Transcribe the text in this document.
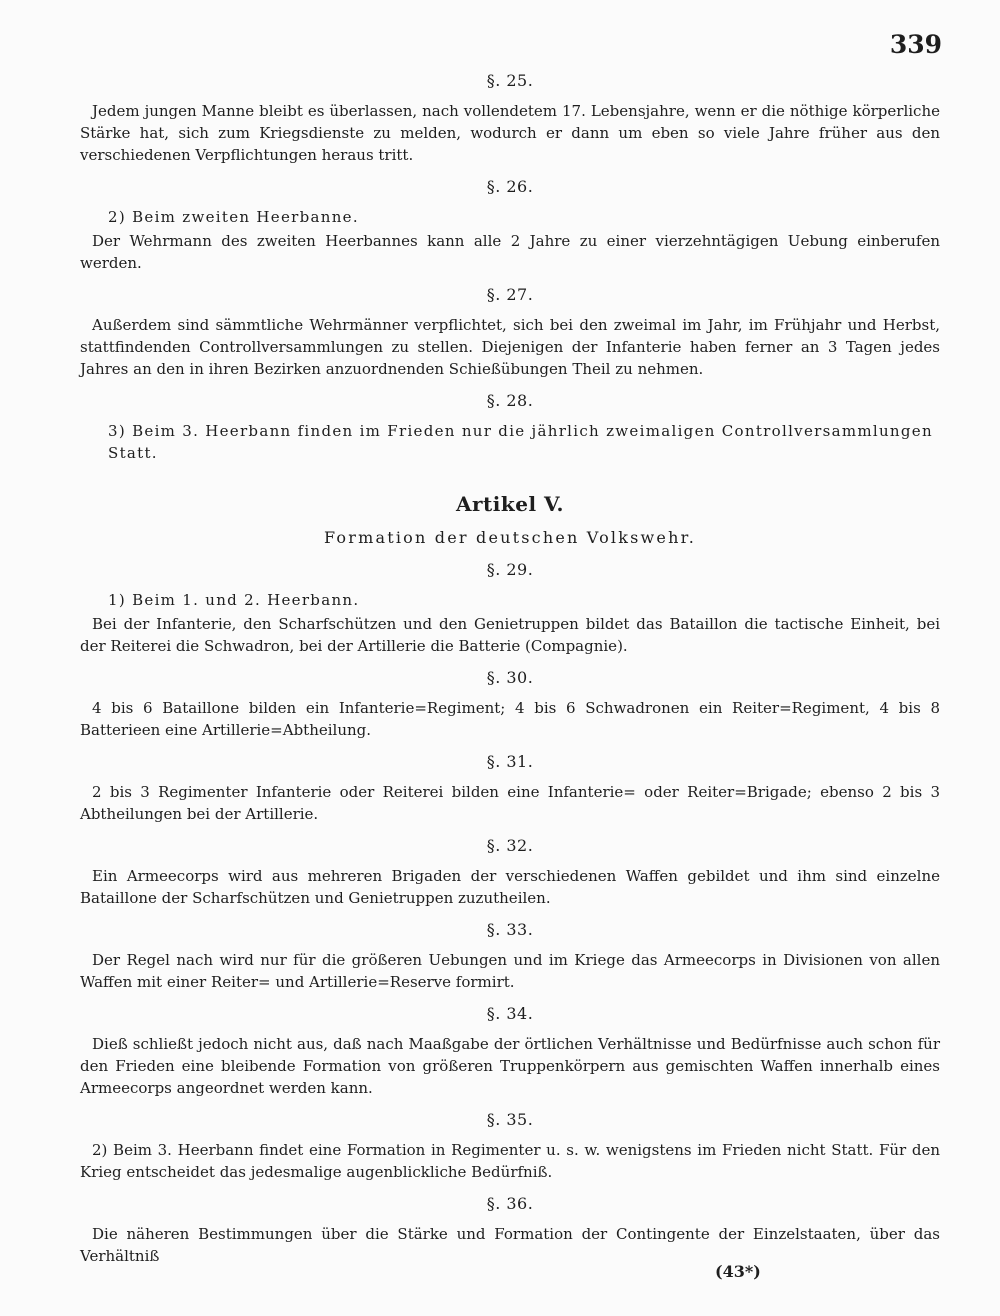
339
§. 25.

Jedem jungen Manne bleibt es überlassen, nach vollendetem 17. Lebensjahre, wenn er die nöthige körperliche Stärke hat, sich zum Kriegsdienste zu melden, wodurch er dann um eben so viele Jahre früher aus den verschiedenen Verpflichtungen heraus tritt.

§. 26.

2) Beim zweiten Heerbanne.

Der Wehrmann des zweiten Heerbannes kann alle 2 Jahre zu einer vierzehntägigen Uebung einberufen werden.

§. 27.

Außerdem sind sämmtliche Wehrmänner verpflichtet, sich bei den zweimal im Jahr, im Frühjahr und Herbst, stattfindenden Controllversammlungen zu stellen. Diejenigen der Infanterie haben ferner an 3 Tagen jedes Jahres an den in ihren Bezirken anzuordnenden Schießübungen Theil zu nehmen.

§. 28.

3) Beim 3. Heerbann finden im Frieden nur die jährlich zweimaligen Controllversammlungen Statt.

Artikel V.
Formation der deutschen Volkswehr.
§. 29.

1) Beim 1. und 2. Heerbann.

Bei der Infanterie, den Scharfschützen und den Genietruppen bildet das Bataillon die tactische Einheit, bei der Reiterei die Schwadron, bei der Artillerie die Batterie (Compagnie).

§. 30.

4 bis 6 Bataillone bilden ein Infanterie=Regiment; 4 bis 6 Schwadronen ein Reiter=Regiment, 4 bis 8 Batterieen eine Artillerie=Abtheilung.

§. 31.

2 bis 3 Regimenter Infanterie oder Reiterei bilden eine Infanterie= oder Reiter=Brigade; ebenso 2 bis 3 Abtheilungen bei der Artillerie.

§. 32.

Ein Armeecorps wird aus mehreren Brigaden der verschiedenen Waffen gebildet und ihm sind einzelne Bataillone der Scharfschützen und Genietruppen zuzutheilen.

§. 33.

Der Regel nach wird nur für die größeren Uebungen und im Kriege das Armeecorps in Divisionen von allen Waffen mit einer Reiter= und Artillerie=Reserve formirt.

§. 34.

Dieß schließt jedoch nicht aus, daß nach Maaßgabe der örtlichen Verhältnisse und Bedürfnisse auch schon für den Frieden eine bleibende Formation von größeren Truppenkörpern aus gemischten Waffen innerhalb eines Armeecorps angeordnet werden kann.

§. 35.

2) Beim 3. Heerbann findet eine Formation in Regimenter u. s. w. wenigstens im Frieden nicht Statt. Für den Krieg entscheidet das jedesmalige augenblickliche Bedürfniß.

§. 36.

Die näheren Bestimmungen über die Stärke und Formation der Contingente der Einzelstaaten, über das Verhältniß

(43*)
